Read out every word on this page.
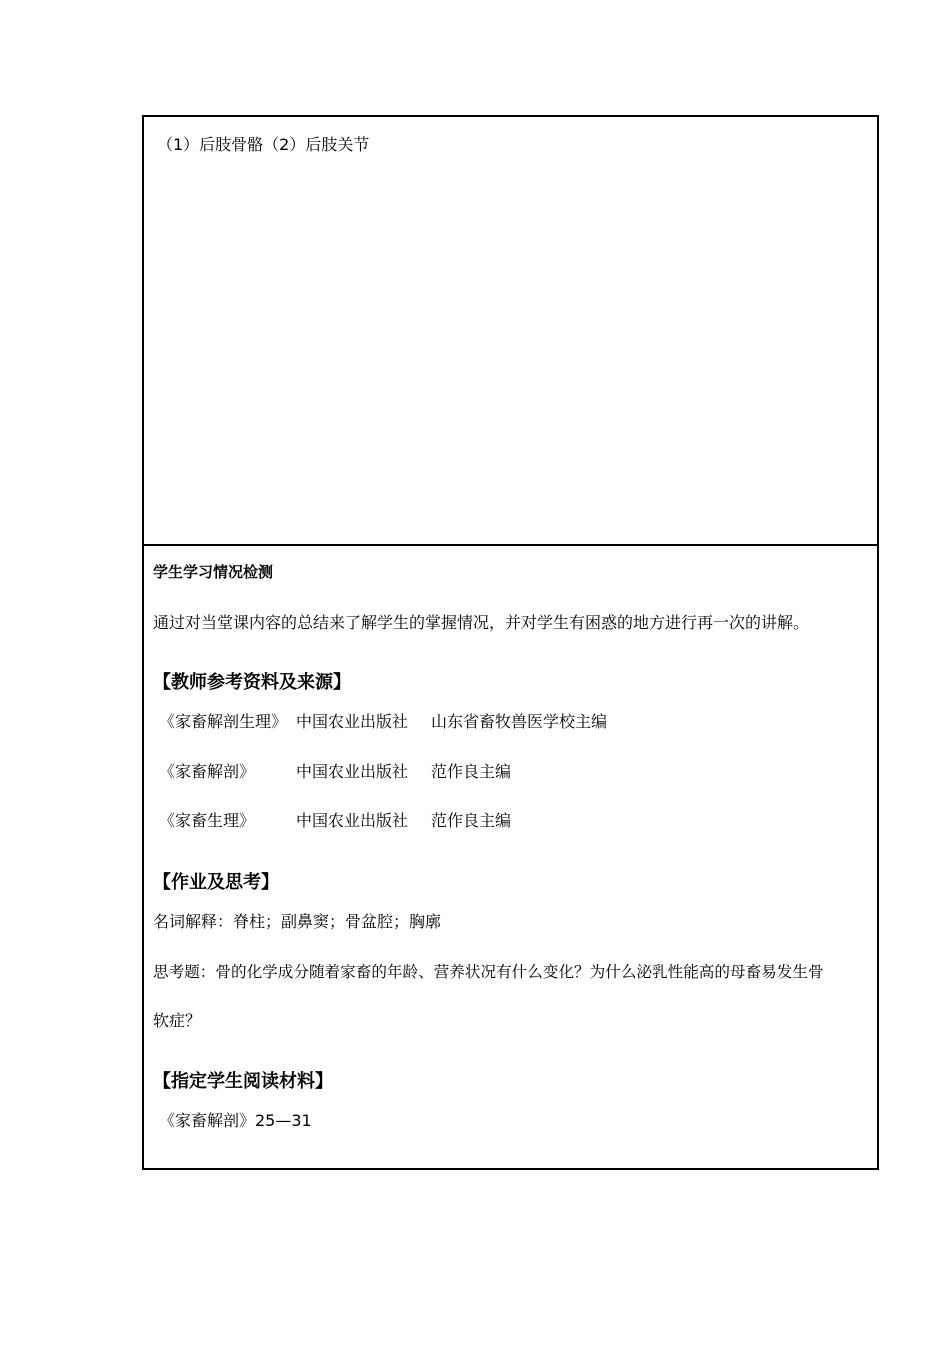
（1）后肢骨骼（2）后肢关节
学生学习情况检测
通过对当堂课内容的总结来了解学生的掌握情况，并对学生有困惑的地方进行再一次的讲解。
【教师参考资料及来源】
《家畜解剖生理》 中国农业出版社 山东省畜牧兽医学校主编
《家畜解剖》	中国农业出版社 范作良主编
《家畜生理》	中国农业出版社 范作良主编
【作业及思考】
名词解释：脊柱；副鼻窦；骨盆腔；胸廓
思考题：骨的化学成分随着家畜的年龄、营养状况有什么变化？为什么泌乳性能高的母畜易发生骨
软症？
【指定学生阅读材料】
《家畜解剖》25—31
